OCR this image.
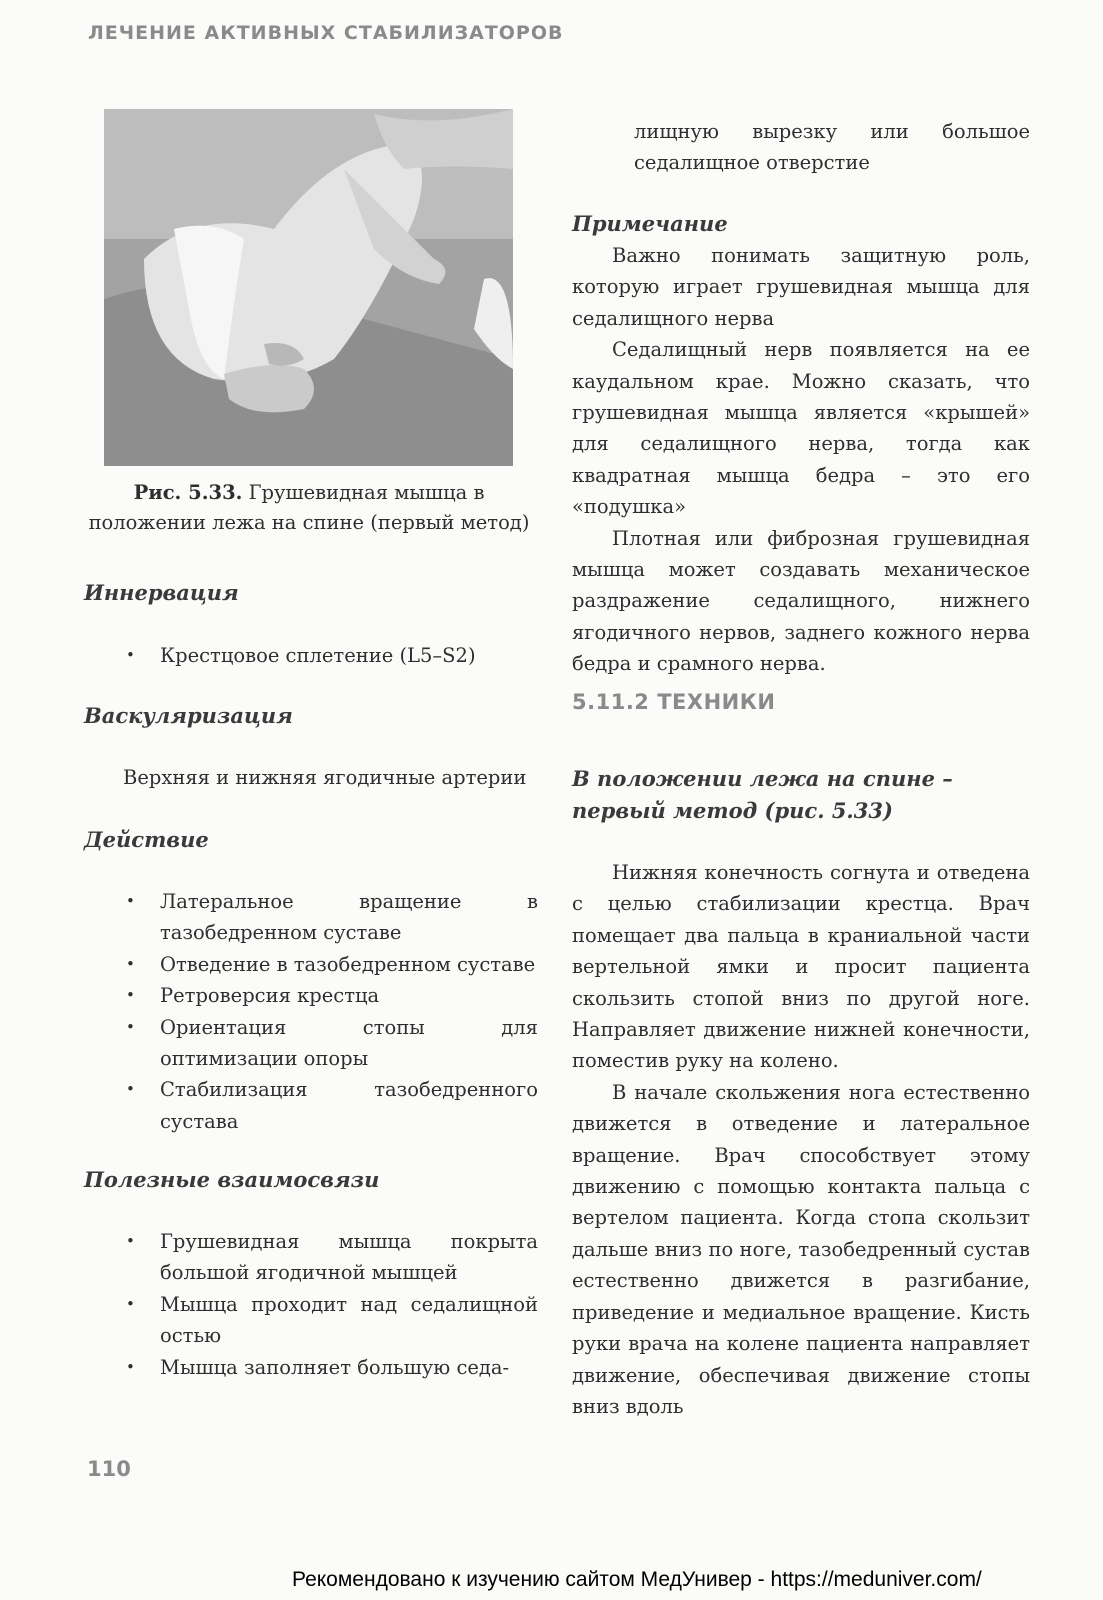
ЛЕЧЕНИЕ АКТИВНЫХ СТАБИЛИЗАТОРОВ
Рис. 5.33. Грушевидная мышца в положении лежа на спине (первый метод)
Иннервация
• Крестцовое сплетение (L5–S2)
Васкуляризация
Верхняя и нижняя ягодичные артерии
Действие
• Латеральное вращение в тазобедренном суставе
• Отведение в тазобедренном суставе
• Ретроверсия крестца
• Ориентация стопы для оптимизации опоры
• Стабилизация тазобедренного сустава
Полезные взаимосвязи
• Грушевидная мышца покрыта большой ягодичной мышцей
• Мышца проходит над седалищной остью
• Мышца заполняет большую седа-
лищную вырезку или большое седалищное отверстие
Примечание
Важно понимать защитную роль, которую играет грушевидная мышца для седалищного нерва
Седалищный нерв появляется на ее каудальном крае. Можно сказать, что грушевидная мышца является «крышей» для седалищного нерва, тогда как квадратная мышца бедра – это его «подушка»
Плотная или фиброзная грушевидная мышца может создавать механическое раздражение седалищного, нижнего ягодичного нервов, заднего кожного нерва бедра и срамного нерва.
5.11.2 ТЕХНИКИ
В положении лежа на спине – первый метод (рис. 5.33)
Нижняя конечность согнута и отведена с целью стабилизации крестца. Врач помещает два пальца в краниальной части вертельной ямки и просит пациента скользить стопой вниз по другой ноге. Направляет движение нижней конечности, поместив руку на колено.
В начале скольжения нога естественно движется в отведение и латеральное вращение. Врач способствует этому движению с помощью контакта пальца с вертелом пациента. Когда стопа скользит дальше вниз по ноге, тазобедренный сустав естественно движется в разгибание, приведение и медиальное вращение. Кисть руки врача на колене пациента направляет движение, обеспечивая движение стопы вниз вдоль
110
Рекомендовано к изучению сайтом МедУнивер - https://meduniver.com/
